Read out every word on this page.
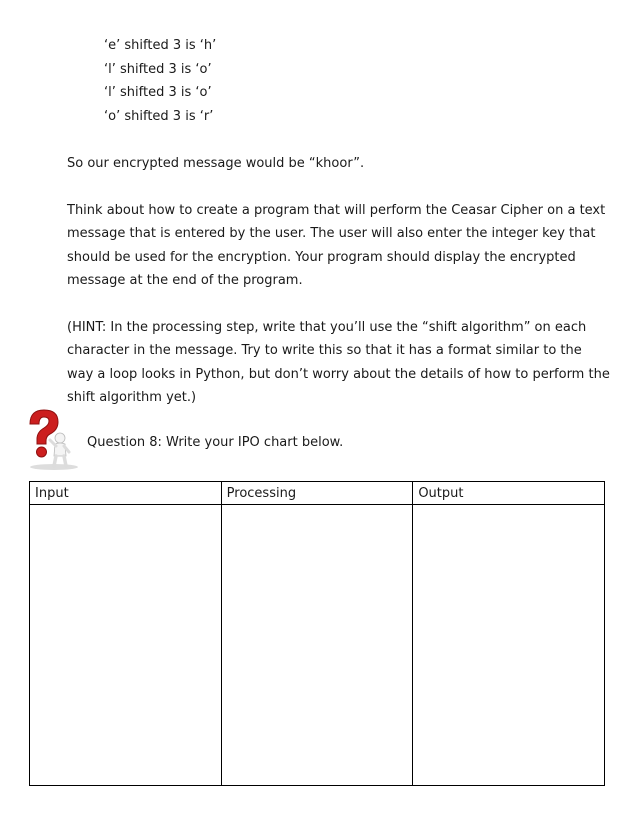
‘e’ shifted 3 is ‘h’
‘l’ shifted 3 is ‘o’
‘l’ shifted 3 is ‘o’
‘o’ shifted 3 is ‘r’

So our encrypted message would be “khoor”.

Think about how to create a program that will perform the Ceasar Cipher on a text message that is entered by the user. The user will also enter the integer key that should be used for the encryption. Your program should display the encrypted message at the end of the program.

(HINT: In the processing step, write that you’ll use the “shift algorithm” on each character in the message. Try to write this so that it has a format similar to the way a loop looks in Python, but don’t worry about the details of how to perform the shift algorithm yet.)

Question 8: Write your IPO chart below.
Input	Processing	Output
